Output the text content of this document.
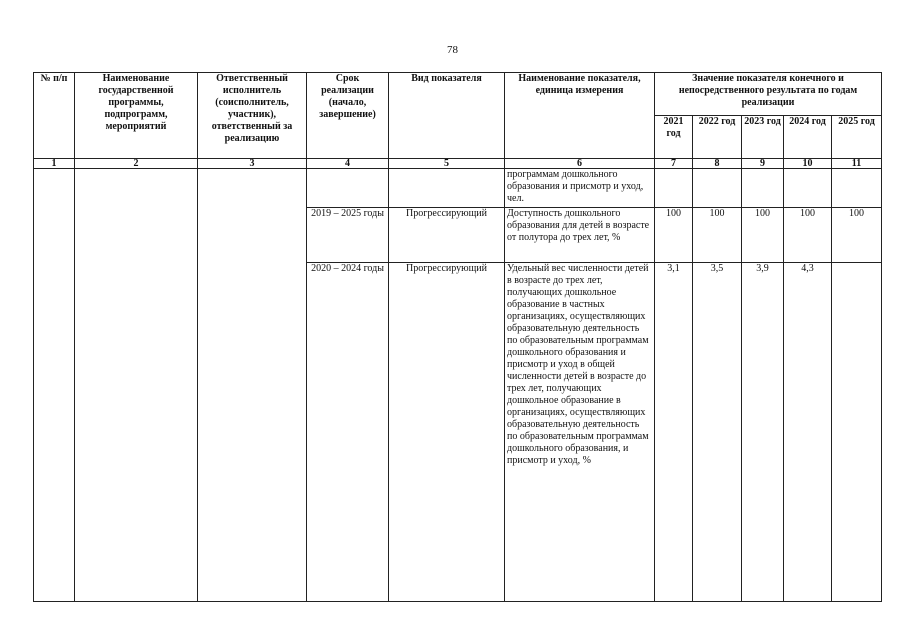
78
№ п/п	Наименование государственной программы, подпрограмм, мероприятий	Ответственный исполнитель (соисполнитель, участник), ответственный за реализацию	Срок реализации (начало, завершение)	Вид показателя	Наименование показателя, единица измерения	Значение показателя конечного и непосредственного результата по годам реализации				
						2021 год	2022 год	2023 год	2024 год	2025 год
1	2	3	4	5	6	7	8	9	10	11
					программам дошкольного образования и присмотр и уход, чел.					
			2019 – 2025 годы	Прогрессирующий	Доступность дошкольного образования для детей в возрасте от полутора до трех лет, %	100	100	100	100	100
			2020 – 2024 годы	Прогрессирующий	Удельный вес численности детей в возрасте до трех лет, получающих дошкольное образование в частных организациях, осуществляющих образовательную деятельность по образовательным программам дошкольного образования и присмотр и уход в общей численности детей в возрасте до трех лет, получающих дошкольное образование в организациях, осуществляющих образовательную деятельность по образовательным программам дошкольного образования, и присмотр и уход, %	3,1	3,5	3,9	4,3	
